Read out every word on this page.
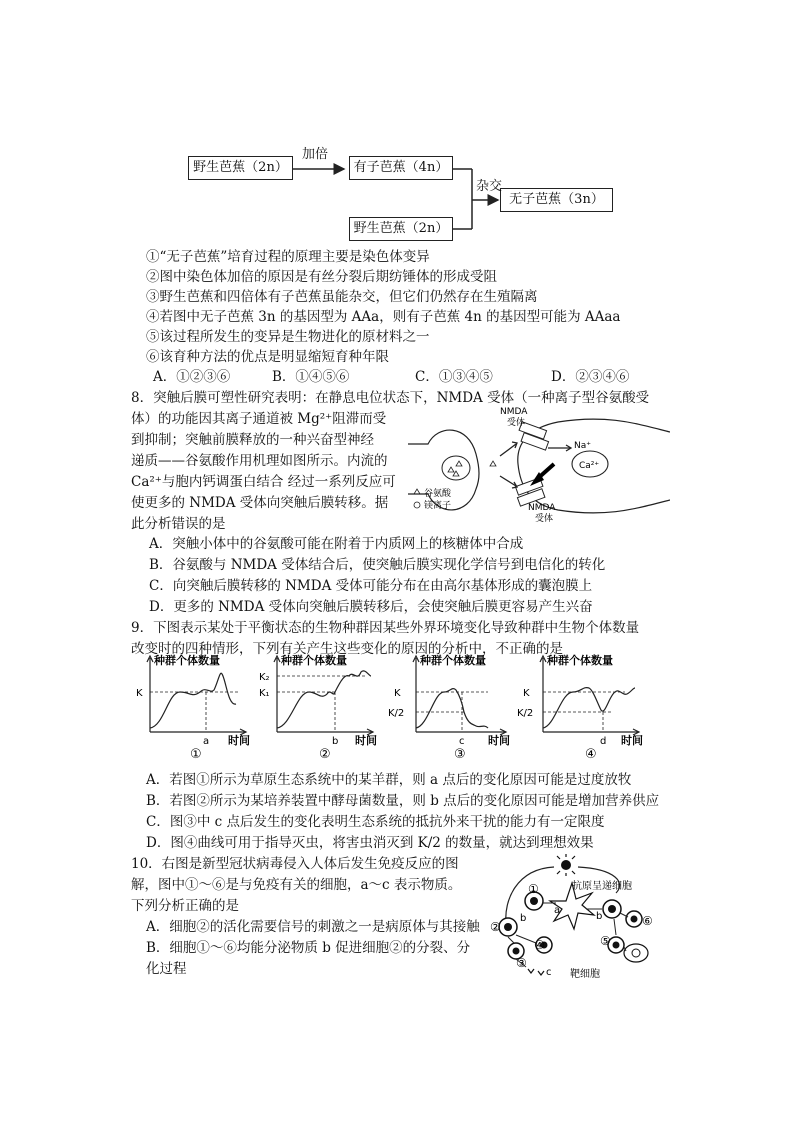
野生芭蕉（2n）	有子芭蕉（4n）
野生芭蕉（2n）
无子芭蕉（3n）
加倍
杂交
①“无子芭蕉”培育过程的原理主要是染色体变异
②图中染色体加倍的原因是有丝分裂后期纺锤体的形成受阻
③野生芭蕉和四倍体有子芭蕉虽能杂交，但它们仍然存在生殖隔离
④若图中无子芭蕉 3n 的基因型为 AAa，则有子芭蕉 4n 的基因型可能为 AAaa
⑤该过程所发生的变异是生物进化的原材料之一
⑥该育种方法的优点是明显缩短育种年限
A．①②③⑥	B．①④⑤⑥	C．①③④⑤	D．②③④⑥
8．突触后膜可塑性研究表明：在静息电位状态下，NMDA 受体（一种离子型谷氨酸受
体）的功能因其离子通道被 Mg²⁺阻滞而受
到抑制；突触前膜释放的一种兴奋型神经
递质——谷氨酸作用机理如图所示。内流的
Ca²⁺与胞内钙调蛋白结合 经过一系列反应可
使更多的 NMDA 受体向突触后膜转移。据
此分析错误的是
Ca²⁺
Na⁺
NMDA
受体
NMDA
受体
谷氨酸
镁离子
A．突触小体中的谷氨酸可能在附着于内质网上的核糖体中合成
B．谷氨酸与 NMDA 受体结合后，使突触后膜实现化学信号到电信化的转化
C．向突触后膜转移的 NMDA 受体可能分布在由高尔基体形成的囊泡膜上
D．更多的 NMDA 受体向突触后膜转移后，会使突触后膜更容易产生兴奋
9．下图表示某处于平衡状态的生物种群因某些外界环境变化导致种群中生物个体数量
改变时的四种情形，下列有关产生这些变化的原因的分析中，不正确的是
种群个体数量
K
a 时间
①
种群个体数量
K₂
K₁
b 时间
②
种群个体数量
K
K/2
c 时间
③
种群个体数量
K
K/2
d 时间
④
A．若图①所示为草原生态系统中的某羊群，则 a 点后的变化原因可能是过度放牧
B．若图②所示为某培养装置中酵母菌数量，则 b 点后的变化原因可能是增加营养供应
C．图③中 c 点后发生的变化表明生态系统的抵抗外来干扰的能力有一定限度
D．图④曲线可用于指导灭虫，将害虫消灭到 K/2 的数量，就达到理想效果
10．右图是新型冠状病毒侵入人体后发生免疫反应的图
解，图中①～⑥是与免疫有关的细胞，a～c 表示物质。
下列分析正确的是
A．细胞②的活化需要信号的刺激之一是病原体与其接触
B．细胞①～⑥均能分泌物质 b 促进细胞②的分裂、分
化过程
①	抗原呈递细胞
②
③
④	⑤
⑥
靶细胞
a
b	b
c
